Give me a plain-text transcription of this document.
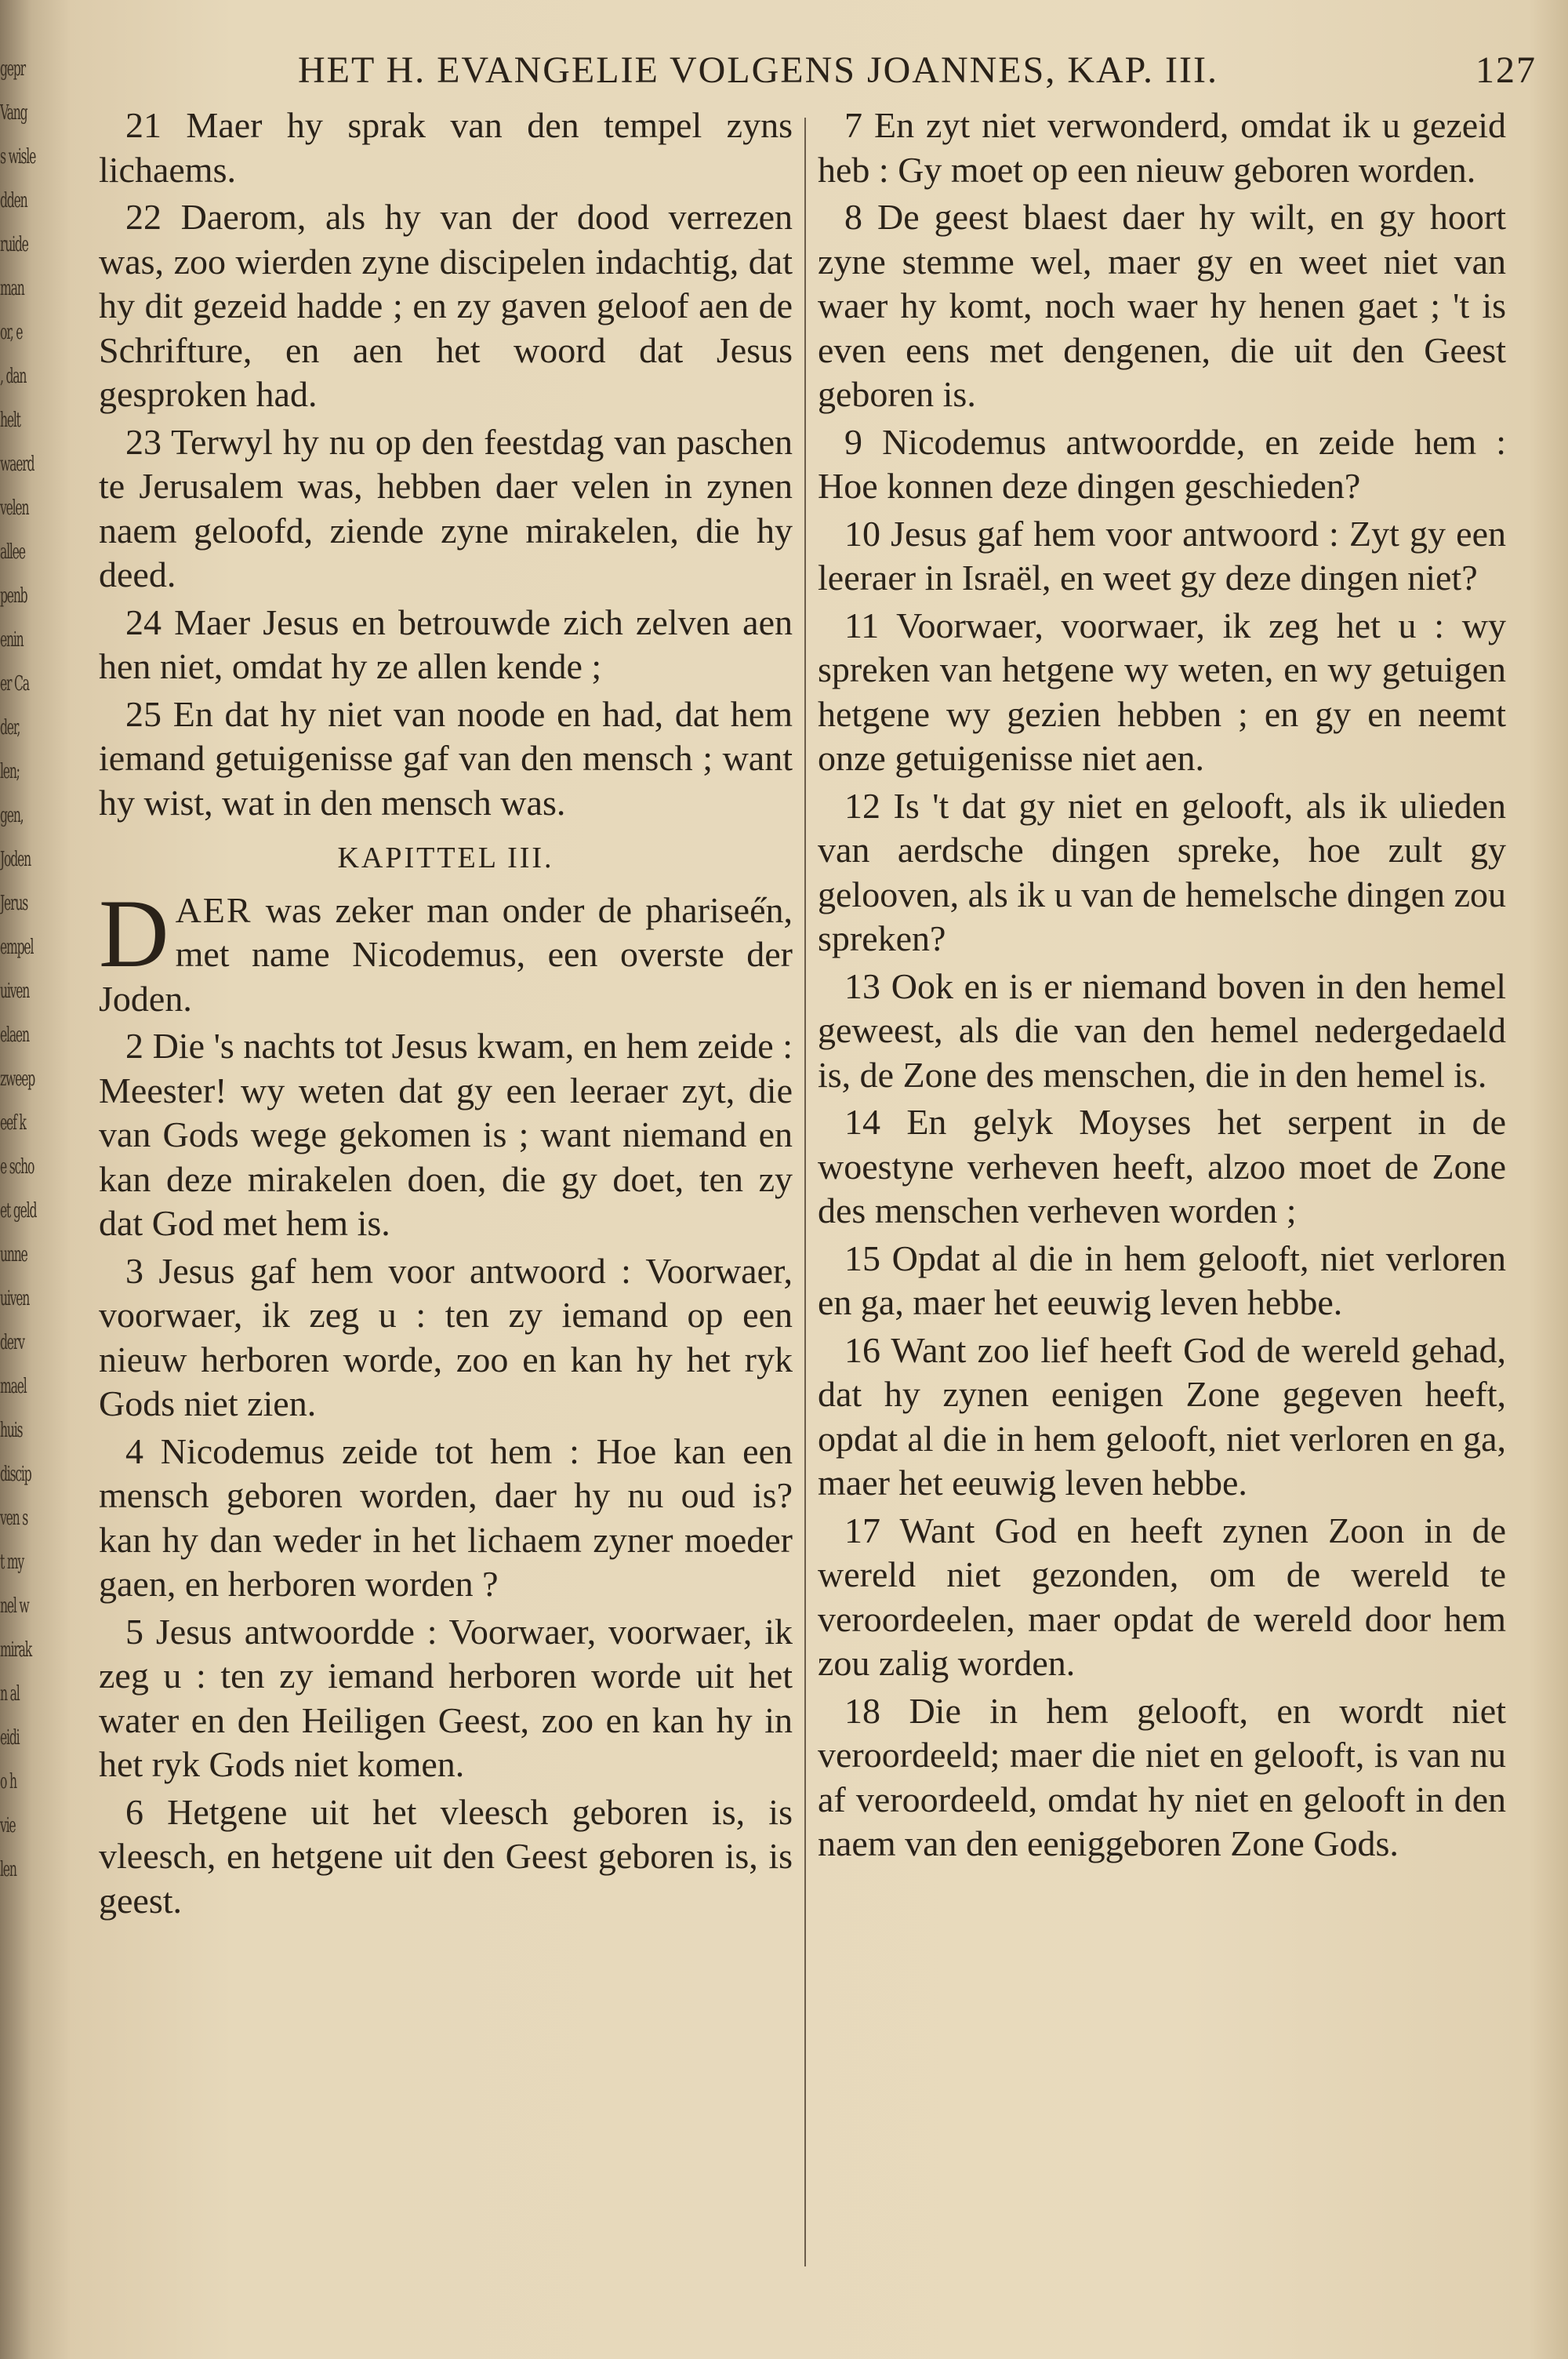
gepr
Vang
s wisle
dden
ruide
man
or, e
, dan
helt
waerd
velen
allee
penb
enin
er Ca
der,
len;
gen,
Joden
Jerus
empel
uiven
elaen
zweep
eef k
e scho
et geld
unne
uiven
derv
mael
huis
discip
ven s
t my
nel w
mirak
n al
eidi
o h
vie
len
HET H. EVANGELIE VOLGENS JOANNES, KAP. III.	127

21 Maer hy sprak van den tempel zyns lichaems.

22 Daerom, als hy van der dood verrezen was, zoo wierden zyne discipelen indachtig, dat hy dit gezeid hadde ; en zy gaven geloof aen de Schrifture, en aen het woord dat Jesus gesproken had.

23 Terwyl hy nu op den feestdag van paschen te Jerusalem was, hebben daer velen in zynen naem geloofd, ziende zyne mirakelen, die hy deed.

24 Maer Jesus en betrouwde zich zelven aen hen niet, omdat hy ze allen kende ;

25 En dat hy niet van noode en had, dat hem iemand getuigenisse gaf van den mensch ; want hy wist, wat in den mensch was.

KAPITTEL III.

DAER was zeker man onder de pharisee̋n, met name Nicodemus, een overste der Joden.

2 Die 's nachts tot Jesus kwam, en hem zeide : Meester! wy weten dat gy een leeraer zyt, die van Gods wege gekomen is ; want niemand en kan deze mirakelen doen, die gy doet, ten zy dat God met hem is.

3 Jesus gaf hem voor antwoord : Voorwaer, voorwaer, ik zeg u : ten zy iemand op een nieuw herboren worde, zoo en kan hy het ryk Gods niet zien.

4 Nicodemus zeide tot hem : Hoe kan een mensch geboren worden, daer hy nu oud is? kan hy dan weder in het lichaem zyner moeder gaen, en herboren worden ?

5 Jesus antwoordde : Voorwaer, voorwaer, ik zeg u : ten zy iemand herboren worde uit het water en den Heiligen Geest, zoo en kan hy in het ryk Gods niet komen.

6 Hetgene uit het vleesch geboren is, is vleesch, en hetgene uit den Geest geboren is, is geest.

7 En zyt niet verwonderd, omdat ik u gezeid heb : Gy moet op een nieuw geboren worden.

8 De geest blaest daer hy wilt, en gy hoort zyne stemme wel, maer gy en weet niet van waer hy komt, noch waer hy henen gaet ; 't is even eens met dengenen, die uit den Geest geboren is.

9 Nicodemus antwoordde, en zeide hem : Hoe konnen deze dingen geschieden?

10 Jesus gaf hem voor antwoord : Zyt gy een leeraer in Israël, en weet gy deze dingen niet?

11 Voorwaer, voorwaer, ik zeg het u : wy spreken van hetgene wy weten, en wy getuigen hetgene wy gezien hebben ; en gy en neemt onze getuigenisse niet aen.

12 Is 't dat gy niet en gelooft, als ik ulieden van aerdsche dingen spreke, hoe zult gy gelooven, als ik u van de hemelsche dingen zou spreken?

13 Ook en is er niemand boven in den hemel geweest, als die van den hemel nedergedaeld is, de Zone des menschen, die in den hemel is.

14 En gelyk Moyses het serpent in de woestyne verheven heeft, alzoo moet de Zone des menschen verheven worden ;

15 Opdat al die in hem gelooft, niet verloren en ga, maer het eeuwig leven hebbe.

16 Want zoo lief heeft God de wereld gehad, dat hy zynen eenigen Zone gegeven heeft, opdat al die in hem gelooft, niet verloren en ga, maer het eeuwig leven hebbe.

17 Want God en heeft zynen Zoon in de wereld niet gezonden, om de wereld te veroordeelen, maer opdat de wereld door hem zou zalig worden.

18 Die in hem gelooft, en wordt niet veroordeeld; maer die niet en gelooft, is van nu af veroordeeld, omdat hy niet en gelooft in den naem van den eeniggeboren Zone Gods.
